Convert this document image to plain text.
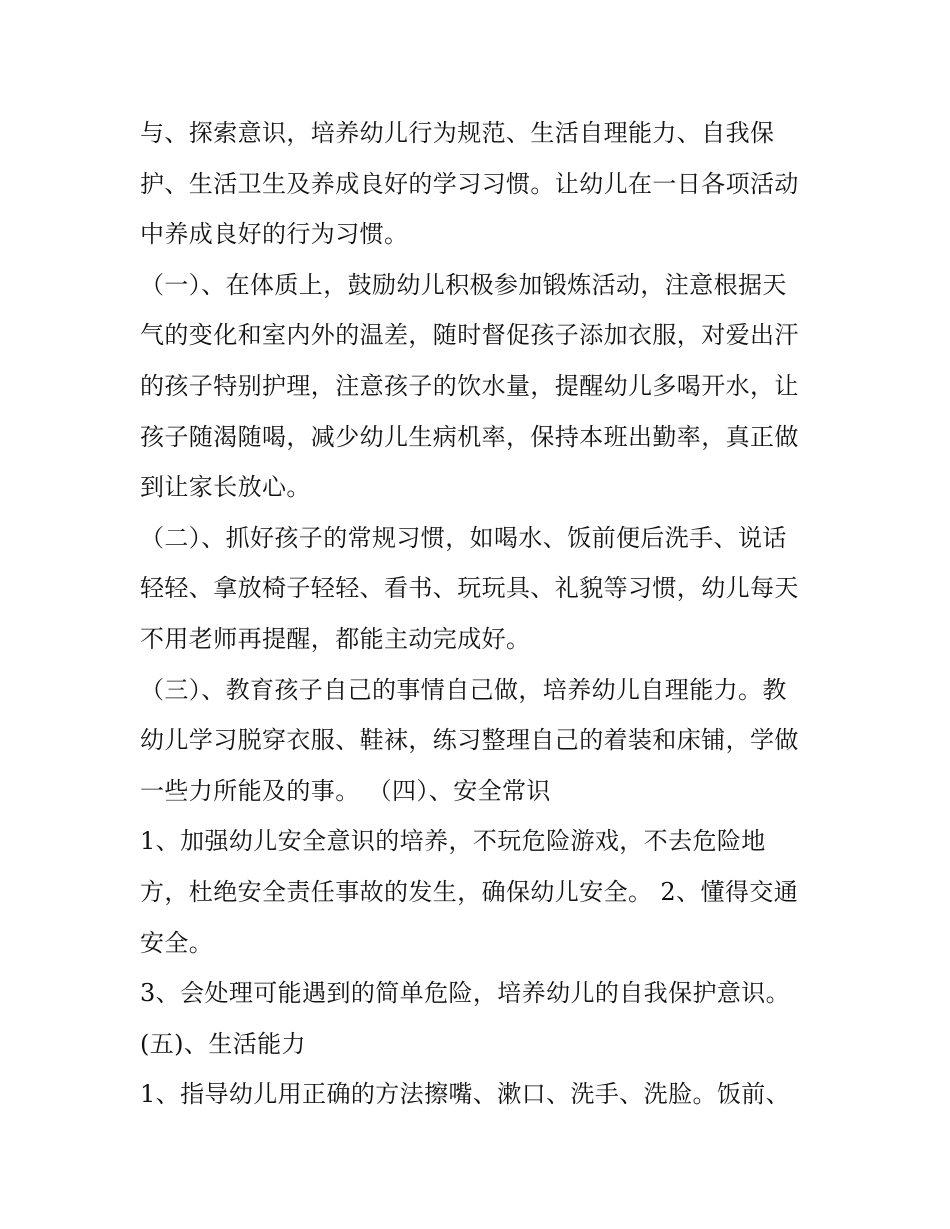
与、探索意识，培养幼儿行为规范、生活自理能力、自我保
护、生活卫生及养成良好的学习习惯。让幼儿在一日各项活动
中养成良好的行为习惯。
（一）、在体质上，鼓励幼儿积极参加锻炼活动，注意根据天
气的变化和室内外的温差，随时督促孩子添加衣服，对爱出汗
的孩子特别护理，注意孩子的饮水量，提醒幼儿多喝开水，让
孩子随渴随喝，减少幼儿生病机率，保持本班出勤率，真正做
到让家长放心。
（二）、抓好孩子的常规习惯，如喝水、饭前便后洗手、说话
轻轻、拿放椅子轻轻、看书、玩玩具、礼貌等习惯，幼儿每天
不用老师再提醒，都能主动完成好。
（三）、教育孩子自己的事情自己做，培养幼儿自理能力。教
幼儿学习脱穿衣服、鞋袜，练习整理自己的着装和床铺，学做
一些力所能及的事。 （四）、安全常识
1、加强幼儿安全意识的培养，不玩危险游戏，不去危险地
方，杜绝安全责任事故的发生，确保幼儿安全。 2、懂得交通
安全。
3、会处理可能遇到的简单危险，培养幼儿的自我保护意识。
(五)、生活能力
1、指导幼儿用正确的方法擦嘴、漱口、洗手、洗脸。饭前、
